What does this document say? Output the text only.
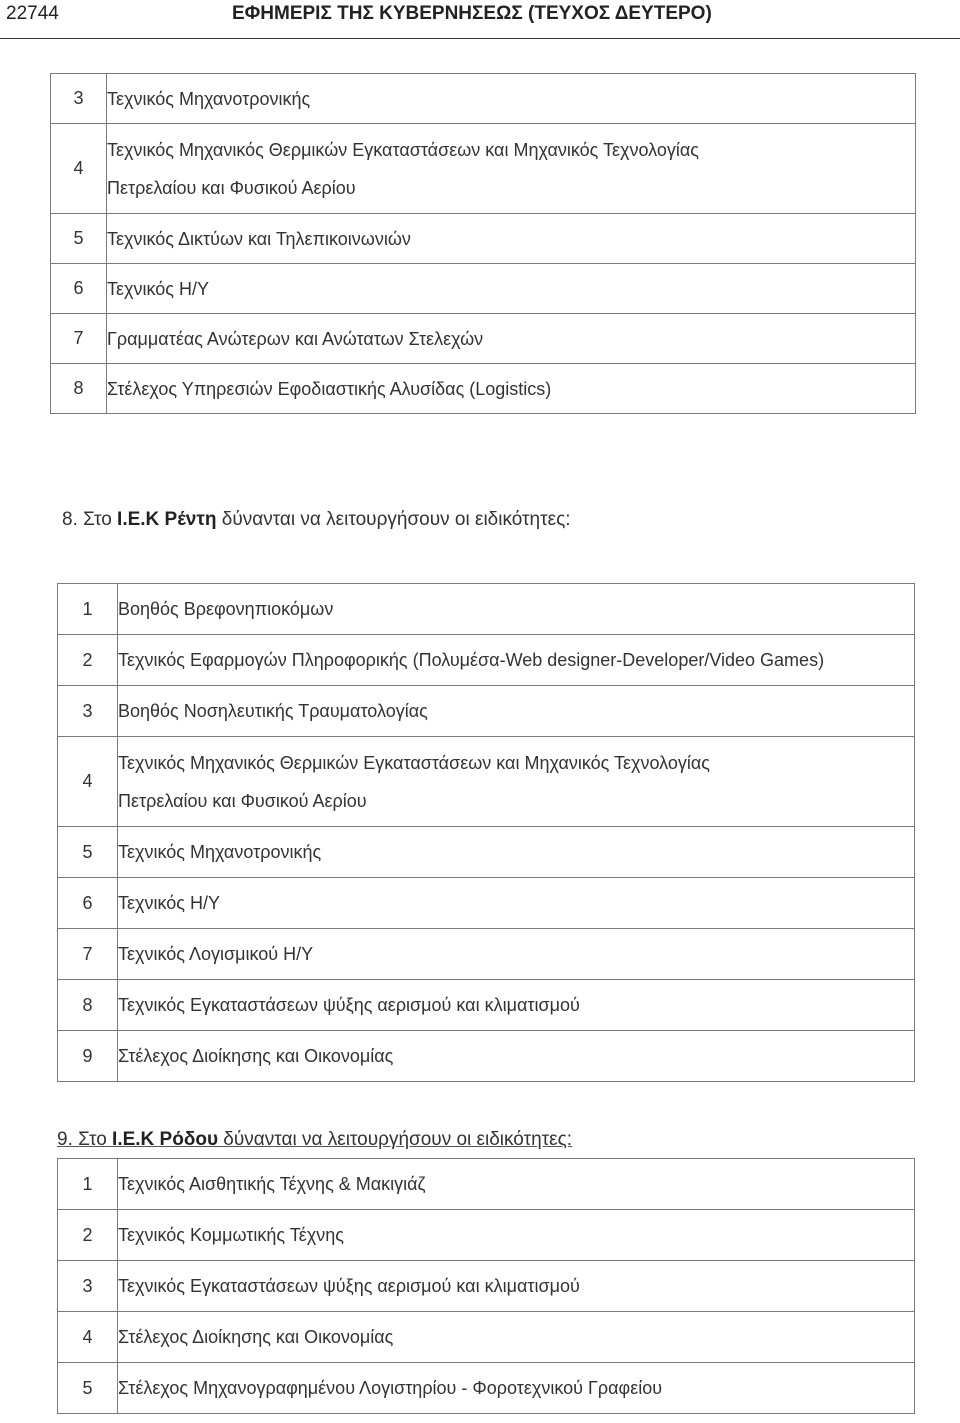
22744	ΕΦΗΜΕΡΙΣ ΤΗΣ ΚΥΒΕΡΝΗΣΕΩΣ (ΤΕΥΧΟΣ ΔΕΥΤΕΡΟ)
3	Τεχνικός Μηχανοτρονικής
4	Τεχνικός Μηχανικός Θερμικών Εγκαταστάσεων και Μηχανικός Τεχνολογίας
Πετρελαίου και Φυσικού Αερίου

5	Τεχνικός Δικτύων και Τηλεπικοινωνιών
6	Τεχνικός Η/Υ
7	Γραμματέας Ανώτερων και Ανώτατων Στελεχών
8	Στέλεχος Υπηρεσιών Εφοδιαστικής Αλυσίδας (Logistics)
8. Στο Ι.Ε.Κ Ρέντη δύνανται να λειτουργήσουν οι ειδικότητες:
1	Βοηθός Βρεφονηπιοκόμων
2	Τεχνικός Εφαρμογών Πληροφορικής (Πολυμέσα-Web designer-Developer/Video Games)
3	Βοηθός Νοσηλευτικής Τραυματολογίας
4	Τεχνικός Μηχανικός Θερμικών Εγκαταστάσεων και Μηχανικός Τεχνολογίας
Πετρελαίου και Φυσικού Αερίου

5	Τεχνικός Μηχανοτρονικής
6	Τεχνικός Η/Υ
7	Τεχνικός Λογισμικού Η/Υ
8	Τεχνικός Εγκαταστάσεων ψύξης αερισμού και κλιματισμού
9	Στέλεχος Διοίκησης και Οικονομίας
9. Στο Ι.Ε.Κ Ρόδου δύνανται να λειτουργήσουν οι ειδικότητες:
1	Τεχνικός Αισθητικής Τέχνης & Μακιγιάζ
2	Τεχνικός Κομμωτικής Τέχνης
3	Τεχνικός Εγκαταστάσεων ψύξης αερισμού και κλιματισμού
4	Στέλεχος Διοίκησης και Οικονομίας
5	Στέλεχος Μηχανογραφημένου Λογιστηρίου - Φοροτεχνικού Γραφείου
